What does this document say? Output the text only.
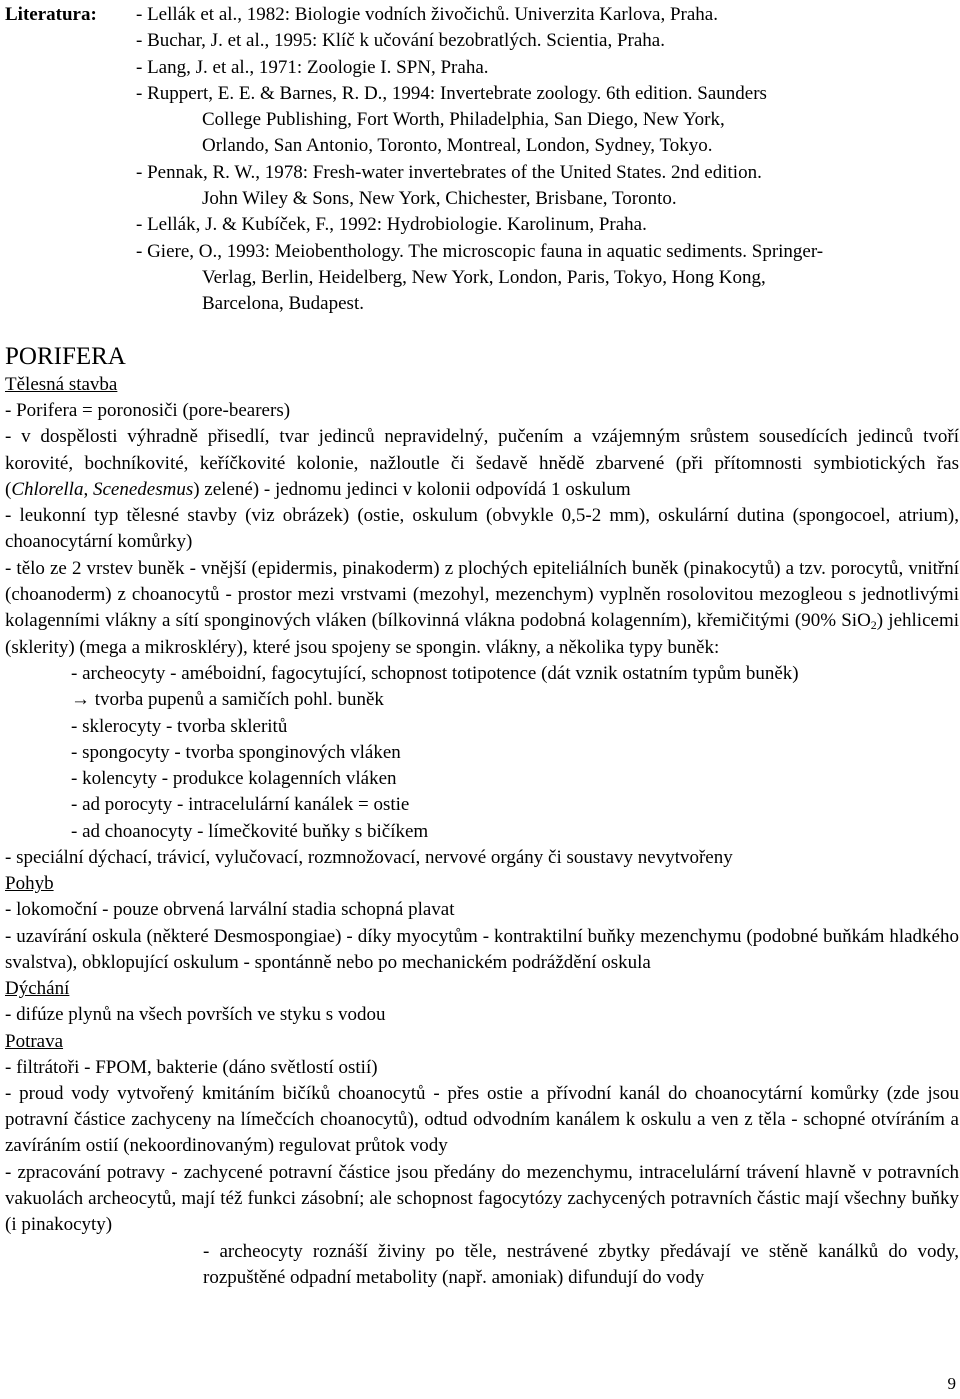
Literatura: - Lellák et al., 1982: Biologie vodních živočichů. Univerzita Karlova, Praha.

- Buchar, J. et al., 1995: Klíč k učování bezobratlých. Scientia, Praha.

- Lang, J. et al., 1971: Zoologie I. SPN, Praha.

- Ruppert, E. E. & Barnes, R. D., 1994: Invertebrate zoology. 6th edition. Saunders

College Publishing, Fort Worth, Philadelphia, San Diego, New York,
Orlando, San Antonio, Toronto, Montreal, London, Sydney, Tokyo.

- Pennak, R. W., 1978: Fresh-water invertebrates of the United States. 2nd edition.

John Wiley & Sons, New York, Chichester, Brisbane, Toronto.

- Lellák, J. & Kubíček, F., 1992: Hydrobiologie. Karolinum, Praha.

- Giere, O., 1993: Meiobenthology. The microscopic fauna in aquatic sediments. Springer-

Verlag, Berlin, Heidelberg, New York, London, Paris, Tokyo, Hong Kong,
Barcelona, Budapest.

PORIFERA
Tělesná stavba

- Porifera = poronosiči (pore-bearers)

- v dospělosti výhradně přisedlí, tvar jedinců nepravidelný, pučením a vzájemným srůstem sousedících jedinců tvoří korovité, bochníkovité, keříčkovité kolonie, nažloutle či šedavě hnědě zbarvené (při přítomnosti symbiotických řas (Chlorella, Scenedesmus) zelené) - jednomu jedinci v kolonii odpovídá 1 oskulum

- leukonní typ tělesné stavby (viz obrázek) (ostie, oskulum (obvykle 0,5-2 mm), oskulární dutina (spongocoel, atrium), choanocytární komůrky)

- tělo ze 2 vrstev buněk - vnější (epidermis, pinakoderm) z plochých epiteliálních buněk (pinakocytů) a tzv. porocytů, vnitřní (choanoderm) z choanocytů - prostor mezi vrstvami (mezohyl, mezenchym) vyplněn rosolovitou mezogleou s jednotlivými kolagenními vlákny a sítí sponginových vláken (bílkovinná vlákna podobná kolagenním), křemičitými (90% SiO$_2$) jehlicemi (sklerity) (mega a mikroskléry), které jsou spojeny se spongin. vlákny, a několika typy buněk:

- archeocyty - améboidní, fagocytující, schopnost totipotence (dát vznik ostatním typům buněk)

→ tvorba pupenů a samičích pohl. buněk

- sklerocyty - tvorba skleritů

- spongocyty - tvorba sponginových vláken

- kolencyty - produkce kolagenních vláken

- ad porocyty - intracelulární kanálek = ostie

- ad choanocyty - límečkovité buňky s bičíkem

- speciální dýchací, trávicí, vylučovací, rozmnožovací, nervové orgány či soustavy nevytvořeny

Pohyb

- lokomoční - pouze obrvená larvální stadia schopná plavat

- uzavírání oskula (některé Desmospongiae) - díky myocytům - kontraktilní buňky mezenchymu (podobné buňkám hladkého svalstva), obklopující oskulum - spontánně nebo po mechanickém podráždění oskula

Dýchání

- difúze plynů na všech površích ve styku s vodou

Potrava

- filtrátoři - FPOM, bakterie (dáno světlostí ostií)

- proud vody vytvořený kmitáním bičíků choanocytů - přes ostie a přívodní kanál do choanocytární komůrky (zde jsou potravní částice zachyceny na límečcích choanocytů), odtud odvodním kanálem k oskulu a ven z těla - schopné otvíráním a zavíráním ostií (nekoordinovaným) regulovat průtok vody

- zpracování potravy - zachycené potravní částice jsou předány do mezenchymu, intracelulární trávení hlavně v potravních vakuolách archeocytů, mají též funkci zásobní; ale schopnost fagocytózy zachycených potravních částic mají všechny buňky (i pinakocyty)

- archeocyty roznáší živiny po těle, nestrávené zbytky předávají ve stěně kanálků do vody, rozpuštěné odpadní metabolity (např. amoniak) difundují do vody

9
